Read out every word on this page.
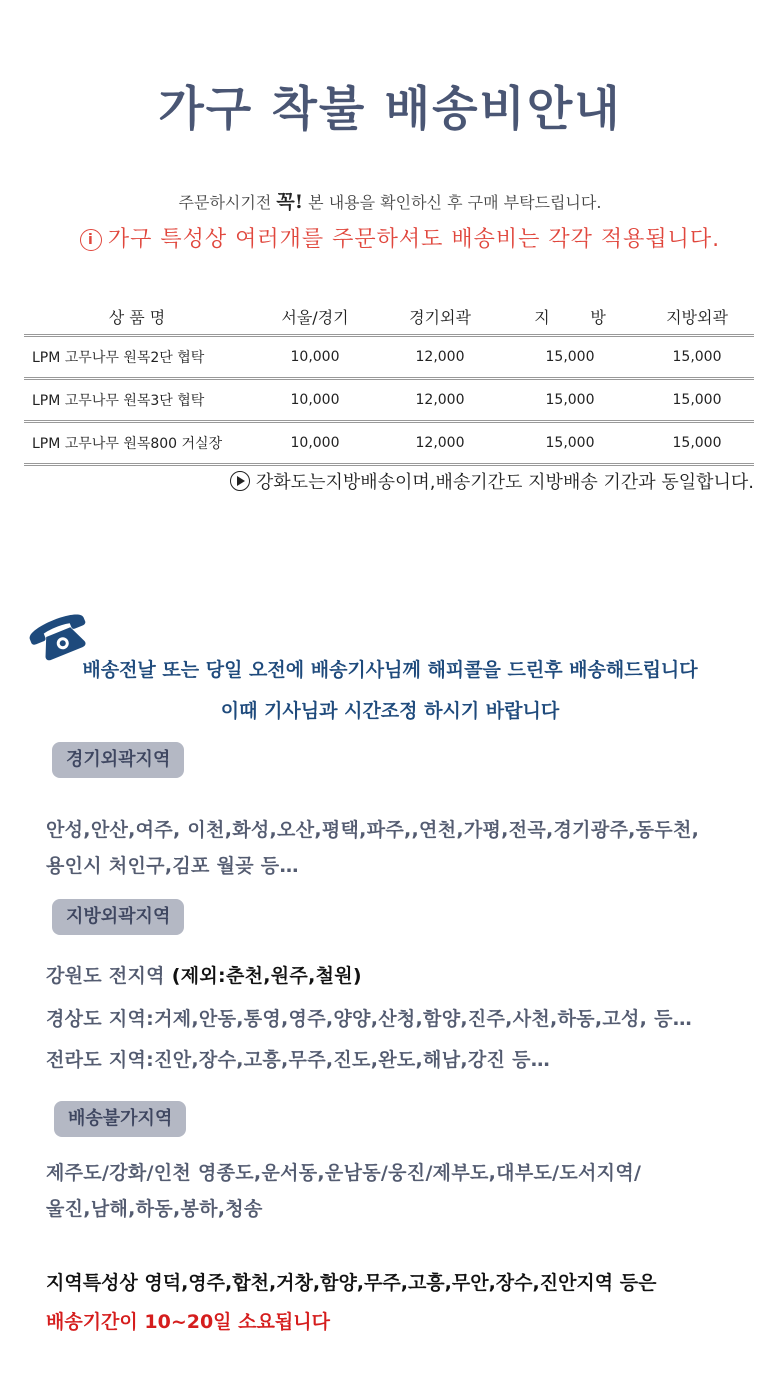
가구 착불 배송비안내
주문하시기전 꼭! 본 내용을 확인하신 후 구매 부탁드립니다.
i 가구 특성상 여러개를 주문하셔도 배송비는 각각 적용됩니다.
상 품 명	서울/경기	경기외곽	지        방	지방외곽
LPM 고무나무 원목2단 협탁	10,000	12,000	15,000	15,000
LPM 고무나무 원목3단 협탁	10,000	12,000	15,000	15,000
LPM 고무나무 원목800 거실장	10,000	12,000	15,000	15,000
강화도는지방배송이며,배송기간도 지방배송 기간과 동일합니다.
배송전날 또는 당일 오전에 배송기사님께 해피콜을 드린후 배송해드립니다
이때 기사님과 시간조정 하시기 바랍니다
경기외곽지역
안성,안산,여주, 이천,화성,오산,평택,파주,,연천,가평,전곡,경기광주,동두천,
용인시 처인구,김포 월곶 등…
지방외곽지역
강원도 전지역 (제외:춘천,원주,철원)
경상도 지역:거제,안동,통영,영주,양양,산청,함양,진주,사천,하동,고성, 등…
전라도 지역:진안,장수,고흥,무주,진도,완도,해남,강진 등…
배송불가지역
제주도/강화/인천 영종도,운서동,운남동/웅진/제부도,대부도/도서지역/
울진,남해,하동,봉하,청송
지역특성상 영덕,영주,합천,거창,함양,무주,고흥,무안,장수,진안지역 등은
배송기간이 10~20일 소요됩니다
